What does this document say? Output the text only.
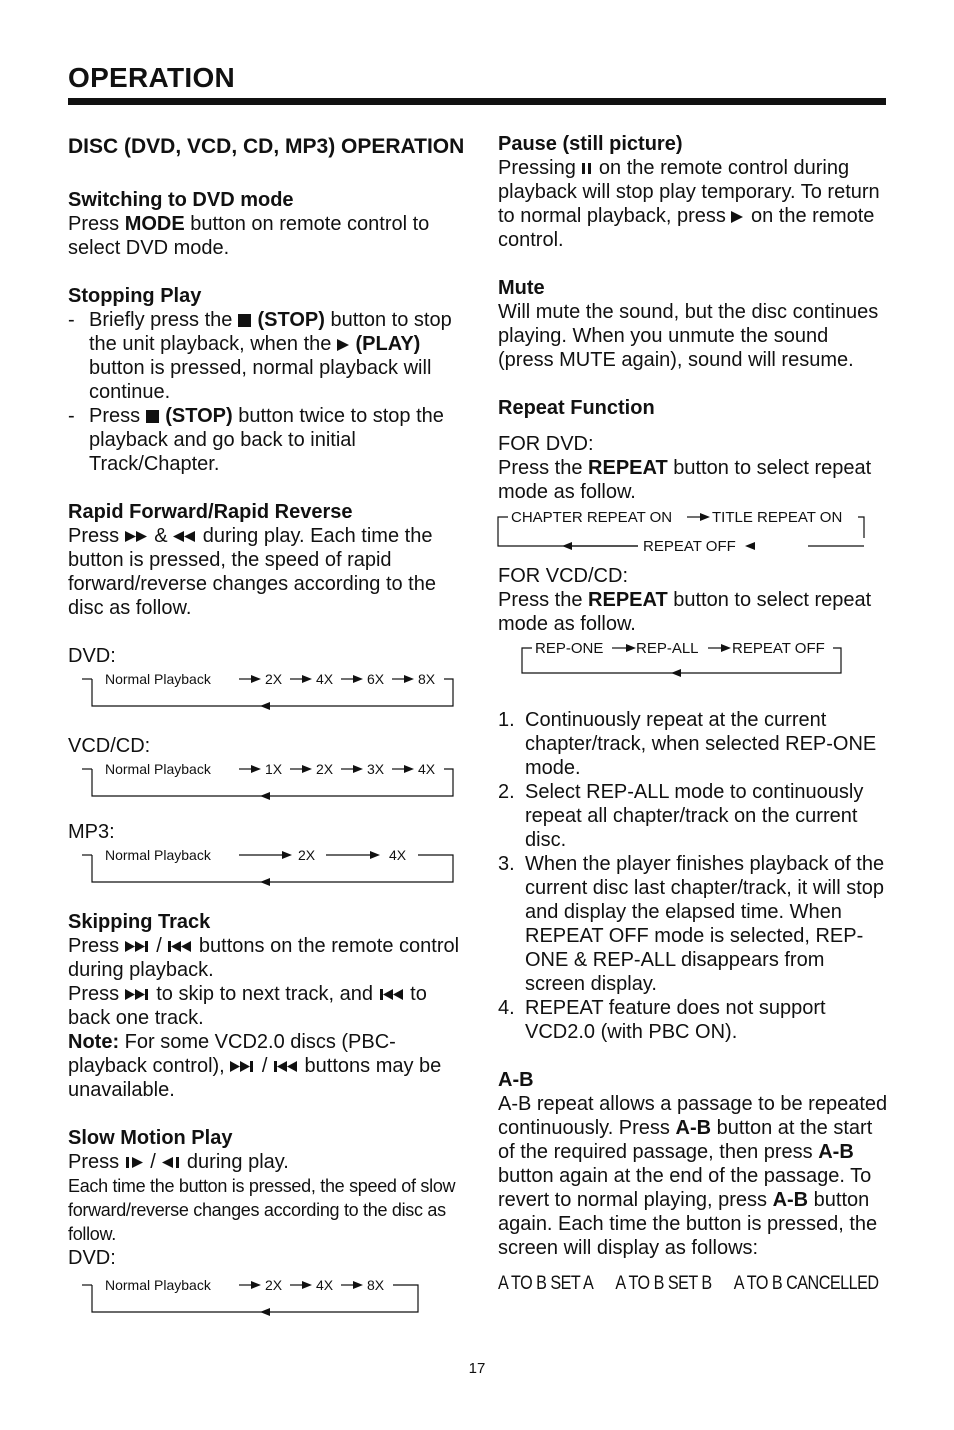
OPERATION
DISC (DVD, VCD, CD, MP3) OPERATION
Switching to DVD mode

Press MODE button on remote control to select DVD mode.

Stopping Play
- Briefly press the
(STOP) button to stop the unit playback, when the
(PLAY) button is pressed, normal playback will continue.
- Press
(STOP) button twice to stop the playback and go back to initial Track/Chapter.
Rapid Forward/Rapid Reverse

Press
&
during play. Each time the button is pressed, the speed of rapid forward/reverse changes according to the disc as follow.

DVD:

Normal Playback	2X 4X 6X 8X

VCD/CD:

Normal Playback	1X 2X 3X 4X

MP3:

Normal Playback	2X	4X
Skipping Track

Press
/
buttons on the remote control during playback.

Press
to skip to next track, and
to back one track.

Note: For some VCD2.0 discs (PBC-playback control),
/
buttons may be unavailable.

Slow Motion Play

Press
/
during play.

Each time the button is pressed, the speed of slow forward/reverse changes according to the disc as follow.

DVD:

Normal Playback	2X 4X 8X
Pause (still picture)

Pressing
on the remote control during playback will stop play temporary. To return to normal playback, press
on the remote control.

Mute

Will mute the sound, but the disc continues playing. When you unmute the sound (press MUTE again), sound will resume.

Repeat Function

FOR DVD:

Press the REPEAT button to select repeat mode as follow.

CHAPTER REPEAT ON	TITLE REPEAT ON
REPEAT OFF

FOR VCD/CD:

Press the REPEAT button to select repeat mode as follow.

REP-ONE REP-ALL REPEAT OFF
1. Continuously repeat at the current chapter/track, when selected REP-ONE mode.
2. Select REP-ALL mode to continuously repeat all chapter/track on the current disc.
3. When the player finishes playback of the current disc last chapter/track, it will stop and display the elapsed time. When REPEAT OFF mode is selected, REP-ONE & REP-ALL disappears from screen display.
4. REPEAT feature does not support VCD2.0 (with PBC ON).
A-B

A-B repeat allows a passage to be repeated continuously. Press A-B button at the start of the required passage, then press A-B button again at the end of the passage. To revert to normal playing, press A-B button again. Each time the button is pressed, the screen will display as follows:

A TO B SET A A TO B SET B A TO B CANCELLED
17
